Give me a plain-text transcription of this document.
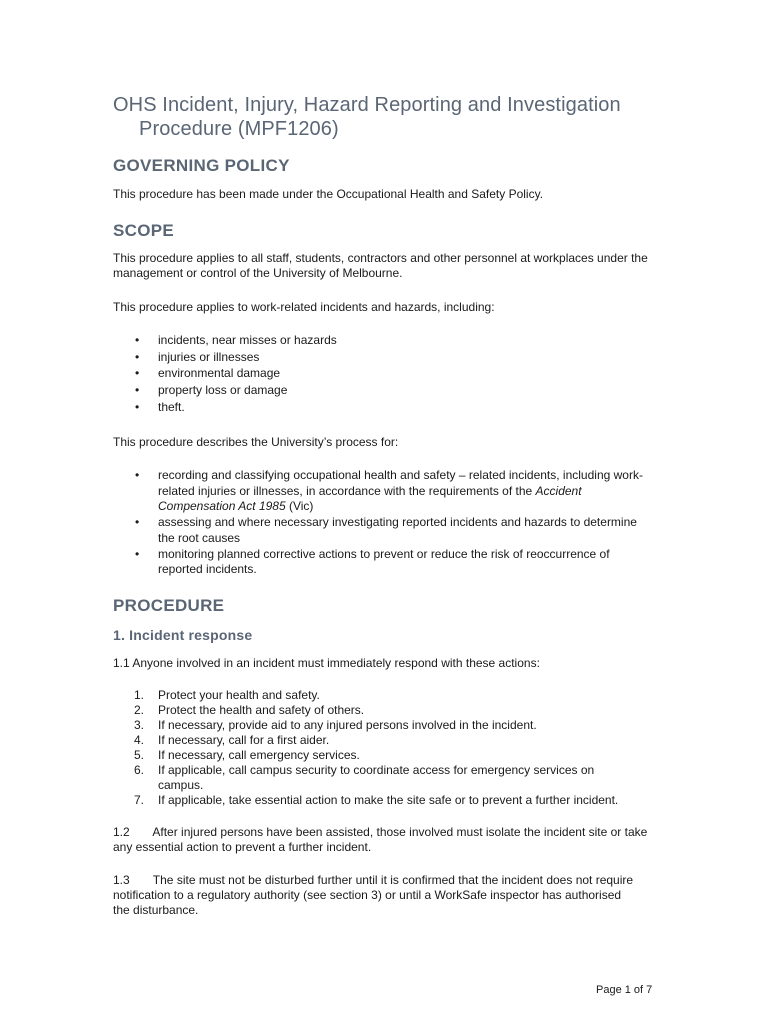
OHS Incident, Injury, Hazard Reporting and Investigation
Procedure (MPF1206)
GOVERNING POLICY

This procedure has been made under the Occupational Health and Safety Policy.

SCOPE

This procedure applies to all staff, students, contractors and other personnel at workplaces under the management or control of the University of Melbourne.

This procedure applies to work-related incidents and hazards, including:

• incidents, near misses or hazards
• injuries or illnesses
• environmental damage
• property loss or damage
• theft.

This procedure describes the University’s process for:

• recording and classifying occupational health and safety – related incidents, including work-related injuries or illnesses, in accordance with the requirements of the Accident Compensation Act 1985 (Vic)
• assessing and where necessary investigating reported incidents and hazards to determine the root causes
• monitoring planned corrective actions to prevent or reduce the risk of reoccurrence of reported incidents.
PROCEDURE
1. Incident response

1.1 Anyone involved in an incident must immediately respond with these actions:

1. Protect your health and safety.
2. Protect the health and safety of others.
3. If necessary, provide aid to any injured persons involved in the incident.
4. If necessary, call for a first aider.
5. If necessary, call emergency services.
6. If applicable, call campus security to coordinate access for emergency services on campus.
7. If applicable, take essential action to make the site safe or to prevent a further incident.

1.2       After injured persons have been assisted, those involved must isolate the incident site or take any essential action to prevent a further incident.

1.3       The site must not be disturbed further until it is confirmed that the incident does not require notification to a regulatory authority (see section 3) or until a WorkSafe inspector has authorised the disturbance.

Page 1 of 7
